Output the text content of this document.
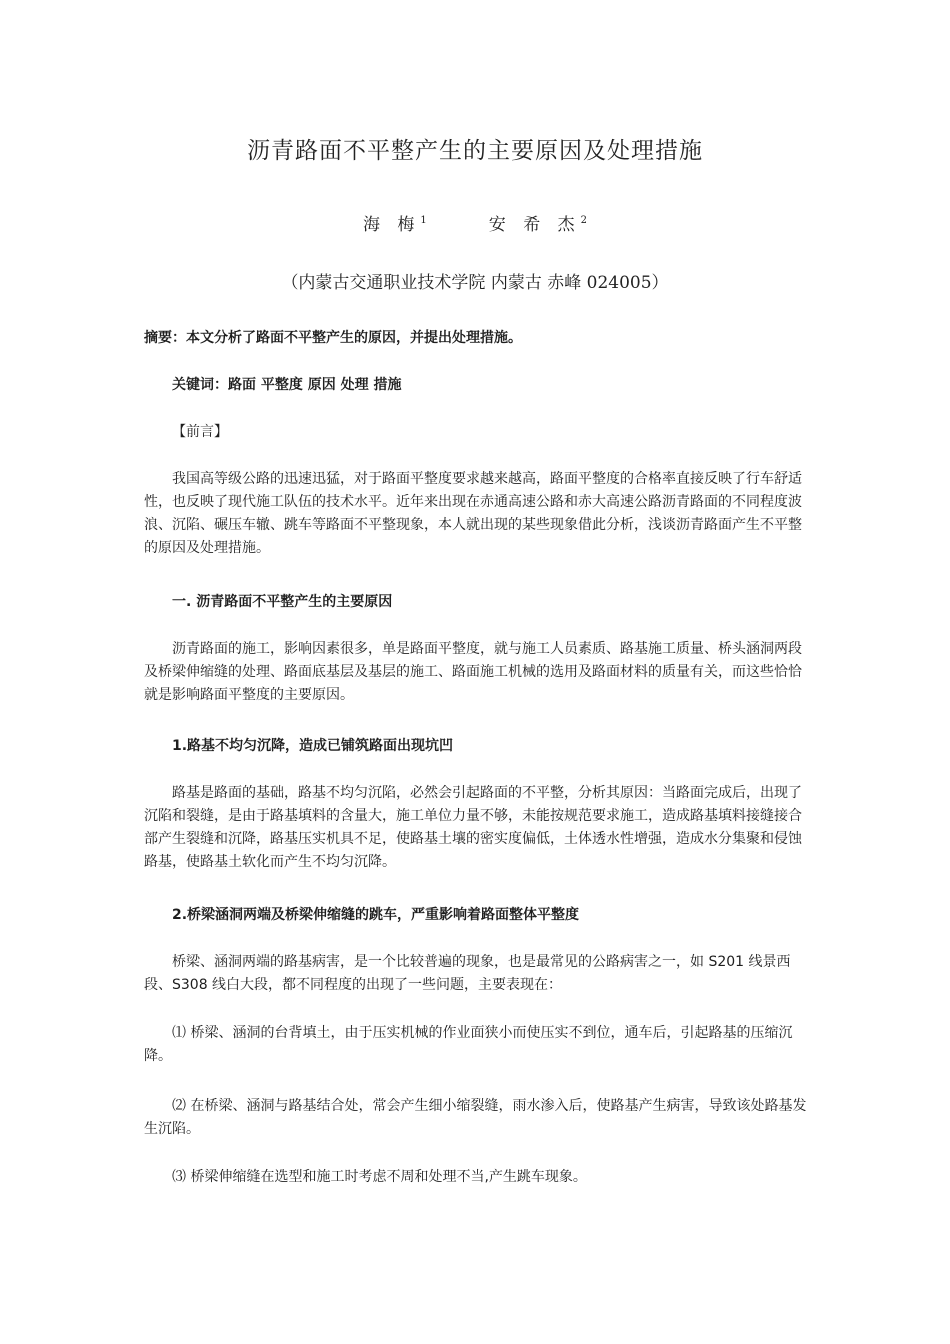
沥青路面不平整产生的主要原因及处理措施
海 梅$^1$	安 希 杰$^2$
（内蒙古交通职业技术学院 内蒙古 赤峰 024005）

摘要：本文分析了路面不平整产生的原因，并提出处理措施。

关键词：路面 平整度 原因 处理 措施

【前言】

我国高等级公路的迅速迅猛，对于路面平整度要求越来越高，路面平整度的合格率直接反映了行车舒适性，也反映了现代施工队伍的技术水平。近年来出现在赤通高速公路和赤大高速公路沥青路面的不同程度波浪、沉陷、碾压车辙、跳车等路面不平整现象，本人就出现的某些现象借此分析，浅谈沥青路面产生不平整的原因及处理措施。

一. 沥青路面不平整产生的主要原因

沥青路面的施工，影响因素很多，单是路面平整度，就与施工人员素质、路基施工质量、桥头涵洞两段及桥梁伸缩缝的处理、路面底基层及基层的施工、路面施工机械的选用及路面材料的质量有关，而这些恰恰就是影响路面平整度的主要原因。

1.路基不均匀沉降，造成已铺筑路面出现坑凹

路基是路面的基础，路基不均匀沉陷，必然会引起路面的不平整，分析其原因：当路面完成后，出现了沉陷和裂缝，是由于路基填料的含量大，施工单位力量不够，未能按规范要求施工，造成路基填料接缝接合部产生裂缝和沉降，路基压实机具不足，使路基土壤的密实度偏低，土体透水性增强，造成水分集聚和侵蚀路基，使路基土软化而产生不均匀沉降。

2.桥梁涵洞两端及桥梁伸缩缝的跳车，严重影响着路面整体平整度

桥梁、涵洞两端的路基病害，是一个比较普遍的现象，也是最常见的公路病害之一，如 S201 线景西段、S308 线白大段，都不同程度的出现了一些问题，主要表现在：

⑴ 桥梁、涵洞的台背填土，由于压实机械的作业面狭小而使压实不到位，通车后，引起路基的压缩沉降。

⑵ 在桥梁、涵洞与路基结合处，常会产生细小缩裂缝，雨水渗入后，使路基产生病害，导致该处路基发生沉陷。

⑶ 桥梁伸缩缝在选型和施工时考虑不周和处理不当,产生跳车现象。
